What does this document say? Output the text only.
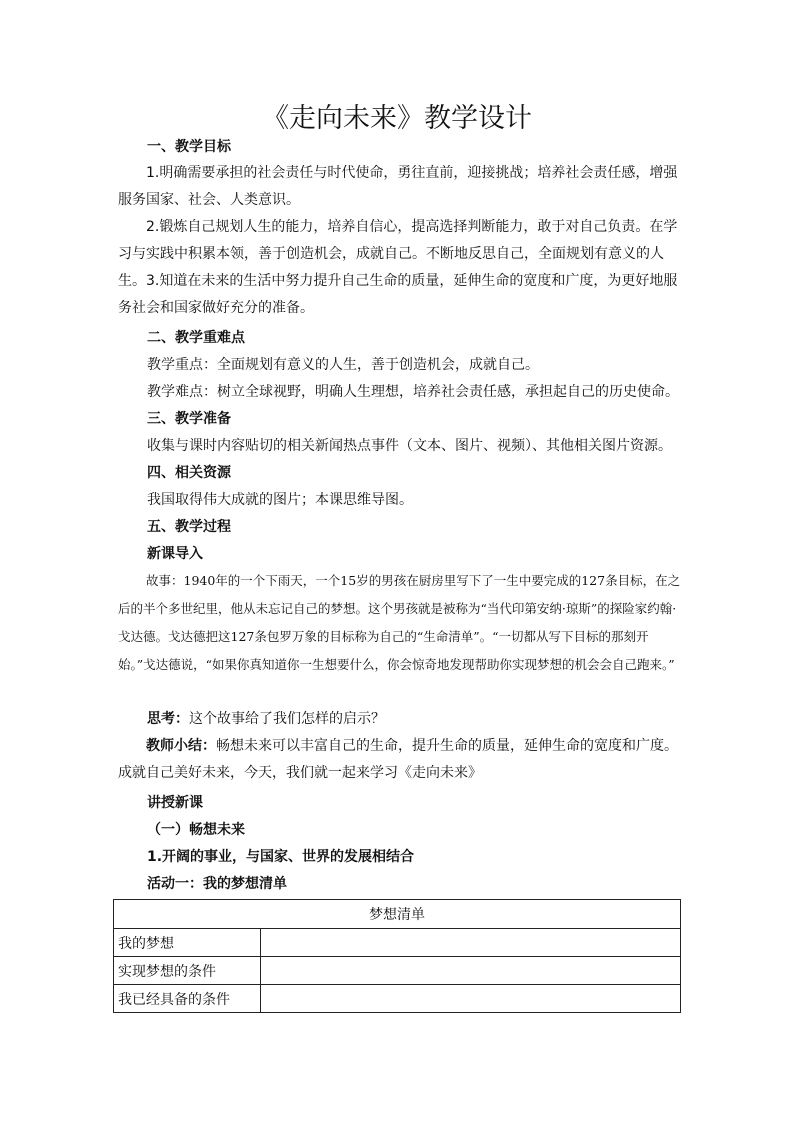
《走向未来》教学设计
一、教学目标
1.明确需要承担的社会责任与时代使命，勇往直前，迎接挑战；培养社会责任感，增强服务国家、社会、人类意识。
2.锻炼自己规划人生的能力，培养自信心，提高选择判断能力，敢于对自己负责。在学习与实践中积累本领，善于创造机会，成就自己。不断地反思自己，全面规划有意义的人生。 3.知道在未来的生活中努力提升自己生命的质量，延伸生命的宽度和广度，为更好地服务社会和国家做好充分的准备。
二、教学重难点
教学重点：全面规划有意义的人生，善于创造机会，成就自己。
教学难点：树立全球视野，明确人生理想，培养社会责任感，承担起自己的历史使命。
三、教学准备
收集与课时内容贴切的相关新闻热点事件（文本、图片、视频）、其他相关图片资源。
四、相关资源
我国取得伟大成就的图片；本课思维导图。
五、教学过程
新课导入
故事：1940年的一个下雨天，一个15岁的男孩在厨房里写下了一生中要完成的127条目标，在之后的半个多世纪里，他从未忘记自己的梦想。这个男孩就是被称为“当代印第安纳·琼斯”的探险家约翰·戈达德。戈达德把这127条包罗万象的目标称为自己的“生命清单”。“一切都从写下目标的那刻开始。”戈达德说，“如果你真知道你一生想要什么，你会惊奇地发现帮助你实现梦想的机会会自己跑来。”
思考：这个故事给了我们怎样的启示？
教师小结：畅想未来可以丰富自己的生命，提升生命的质量，延伸生命的宽度和广度。成就自己美好未来，今天，我们就一起来学习《走向未来》
讲授新课
（一）畅想未来
1.开阔的事业，与国家、世界的发展相结合
活动一：我的梦想清单
梦想清单	
我的梦想	
实现梦想的条件	
我已经具备的条件	
